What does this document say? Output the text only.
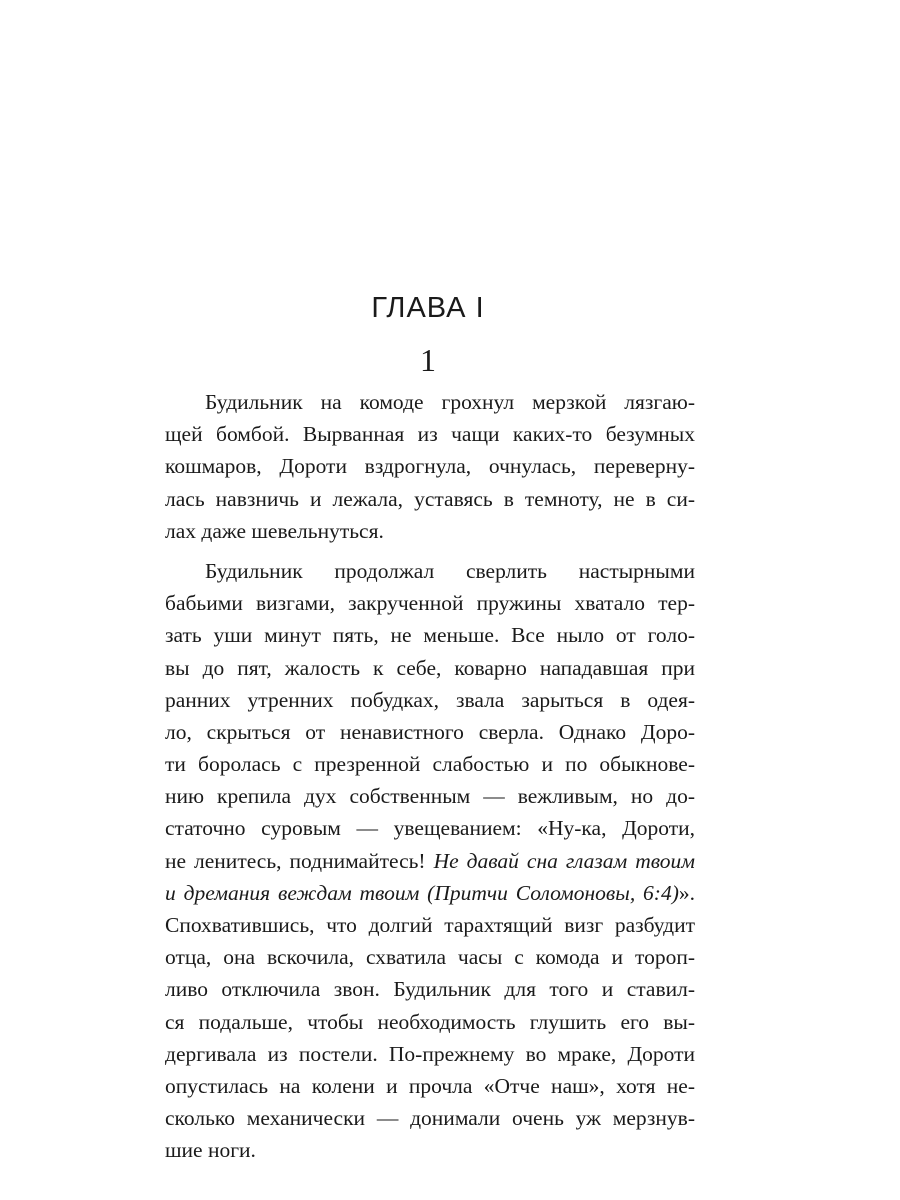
ГЛАВА I
1
Будильник на комоде грохнул мерзкой лязгаю-
щей бомбой. Вырванная из чащи каких-то безумных
кошмаров, Дороти вздрогнула, очнулась, переверну-
лась навзничь и лежала, уставясь в темноту, не в си-
лах даже шевельнуться.
Будильник продолжал сверлить настырными
бабьими визгами, закрученной пружины хватало тер-
зать уши минут пять, не меньше. Все ныло от голо-
вы до пят, жалость к себе, коварно нападавшая при
ранних утренних побудках, звала зарыться в одея-
ло, скрыться от ненавистного сверла. Однако Доро-
ти боролась с презренной слабостью и по обыкнове-
нию крепила дух собственным — вежливым, но до-
статочно суровым — увещеванием: «Ну-ка, Дороти,
не ленитесь, поднимайтесь! Не давай сна глазам твоим
и дремания веждам твоим (Притчи Соломоновы, 6:4)».
Спохватившись, что долгий тарахтящий визг разбудит
отца, она вскочила, схватила часы с комода и тороп-
ливо отключила звон. Будильник для того и ставил-
ся подальше, чтобы необходимость глушить его вы-
дергивала из постели. По-прежнему во мраке, Дороти
опустилась на колени и прочла «Отче наш», хотя не-
сколько механически — донимали очень уж мерзнув-
шие ноги.
